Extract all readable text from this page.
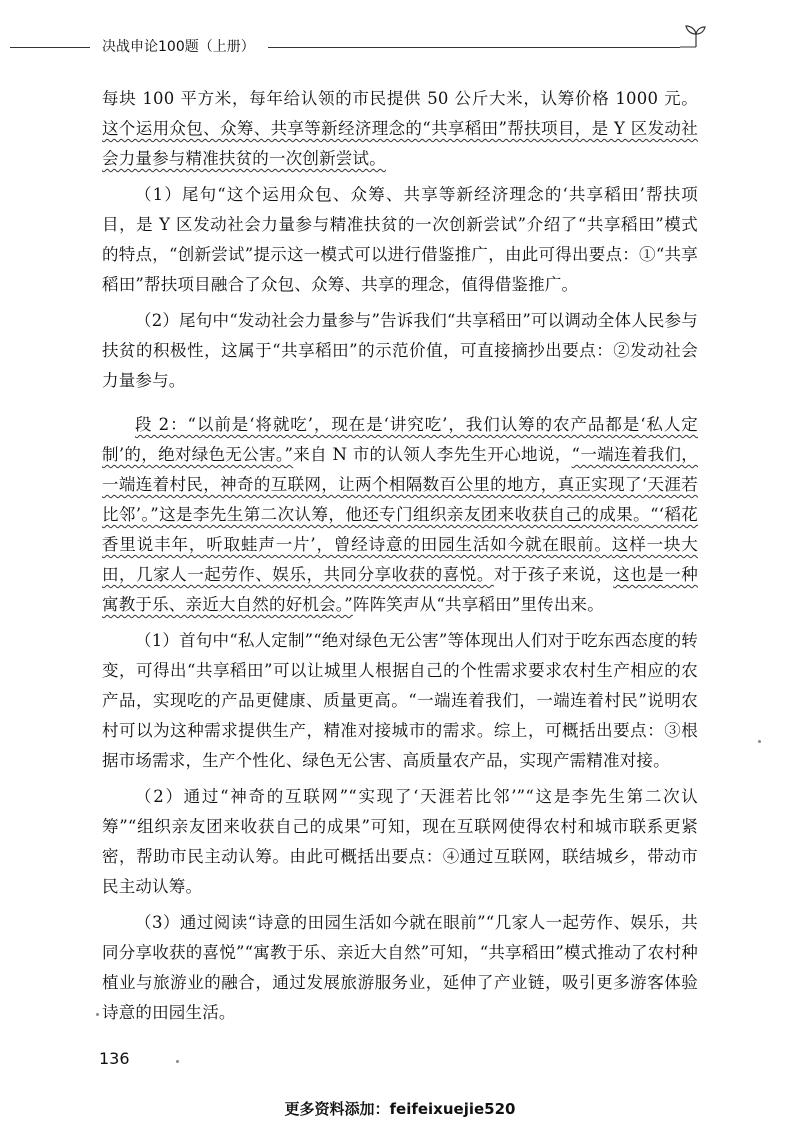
决战申论100题（上册）

每块 100 平方米，每年给认领的市民提供 50 公斤大米，认筹价格 1000 元。这个运用众包、众筹、共享等新经济理念的“共享稻田”帮扶项目，是 Y 区发动社会力量参与精准扶贫的一次创新尝试。

（1）尾句“这个运用众包、众筹、共享等新经济理念的‘共享稻田’帮扶项目，是 Y 区发动社会力量参与精准扶贫的一次创新尝试”介绍了“共享稻田”模式的特点，“创新尝试”提示这一模式可以进行借鉴推广，由此可得出要点：①“共享稻田”帮扶项目融合了众包、众筹、共享的理念，值得借鉴推广。

（2）尾句中“发动社会力量参与”告诉我们“共享稻田”可以调动全体人民参与扶贫的积极性，这属于“共享稻田”的示范价值，可直接摘抄出要点：②发动社会力量参与。

段 2：“以前是‘将就吃’，现在是‘讲究吃’，我们认筹的农产品都是‘私人定制’的，绝对绿色无公害。”来自 N 市的认领人李先生开心地说，“一端连着我们，一端连着村民，神奇的互联网，让两个相隔数百公里的地方，真正实现了‘天涯若比邻’。”这是李先生第二次认筹，他还专门组织亲友团来收获自己的成果。“‘稻花香里说丰年，听取蛙声一片’，曾经诗意的田园生活如今就在眼前。这样一块大田，几家人一起劳作、娱乐，共同分享收获的喜悦。对于孩子来说，这也是一种寓教于乐、亲近大自然的好机会。”阵阵笑声从“共享稻田”里传出来。

（1）首句中“私人定制”“绝对绿色无公害”等体现出人们对于吃东西态度的转变，可得出“共享稻田”可以让城里人根据自己的个性需求要求农村生产相应的农产品，实现吃的产品更健康、质量更高。“一端连着我们，一端连着村民”说明农村可以为这种需求提供生产，精准对接城市的需求。综上，可概括出要点：③根据市场需求，生产个性化、绿色无公害、高质量农产品，实现产需精准对接。

（2）通过“神奇的互联网”“实现了‘天涯若比邻’”“这是李先生第二次认筹”“组织亲友团来收获自己的成果”可知，现在互联网使得农村和城市联系更紧密，帮助市民主动认筹。由此可概括出要点：④通过互联网，联结城乡，带动市民主动认筹。

（3）通过阅读“诗意的田园生活如今就在眼前”“几家人一起劳作、娱乐，共同分享收获的喜悦”“寓教于乐、亲近大自然”可知，“共享稻田”模式推动了农村种植业与旅游业的融合，通过发展旅游服务业，延伸了产业链，吸引更多游客体验诗意的田园生活。

136
更多资料添加：feifeixuejie520
